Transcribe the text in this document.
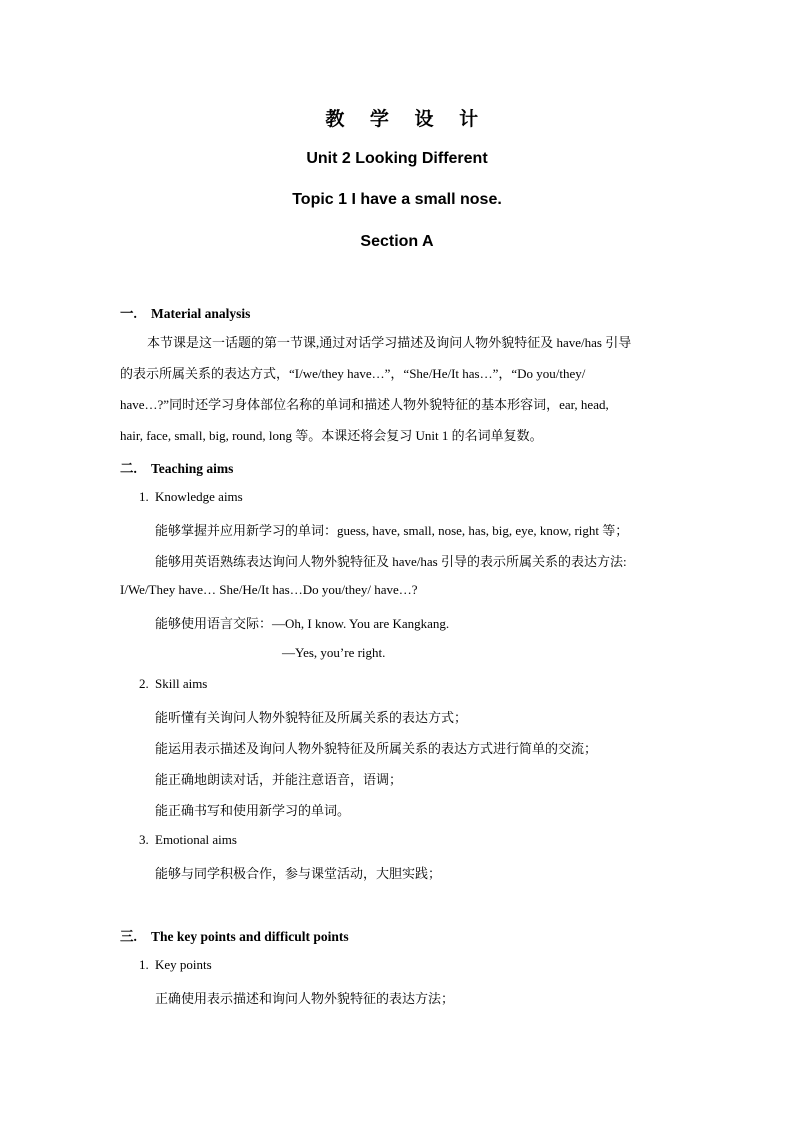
教 学 设 计
Unit 2 Looking Different
Topic 1 I have a small nose.
Section A
一. Material analysis
本节课是这一话题的第一节课,通过对话学习描述及询问人物外貌特征及 have/has 引导
的表示所属关系的表达方式，“I/we/they have…”，“She/He/It has…”，“Do you/they/
have…?”同时还学习身体部位名称的单词和描述人物外貌特征的基本形容词，ear, head,
hair, face, small, big, round, long 等。本课还将会复习 Unit 1 的名词单复数。
二. Teaching aims
1. Knowledge aims
能够掌握并应用新学习的单词：guess, have, small, nose, has, big, eye, know, right 等；
能够用英语熟练表达询问人物外貌特征及 have/has 引导的表示所属关系的表达方法:
I/We/They have… She/He/It has…Do you/they/ have…?
能够使用语言交际：—Oh, I know. You are Kangkang.
—Yes, you’re right.
2. Skill aims
能听懂有关询问人物外貌特征及所属关系的表达方式；
能运用表示描述及询问人物外貌特征及所属关系的表达方式进行简单的交流；
能正确地朗读对话，并能注意语音，语调；
能正确书写和使用新学习的单词。
3. Emotional aims
能够与同学积极合作，参与课堂活动，大胆实践；
三. The key points and difficult points
1. Key points
正确使用表示描述和询问人物外貌特征的表达方法；
